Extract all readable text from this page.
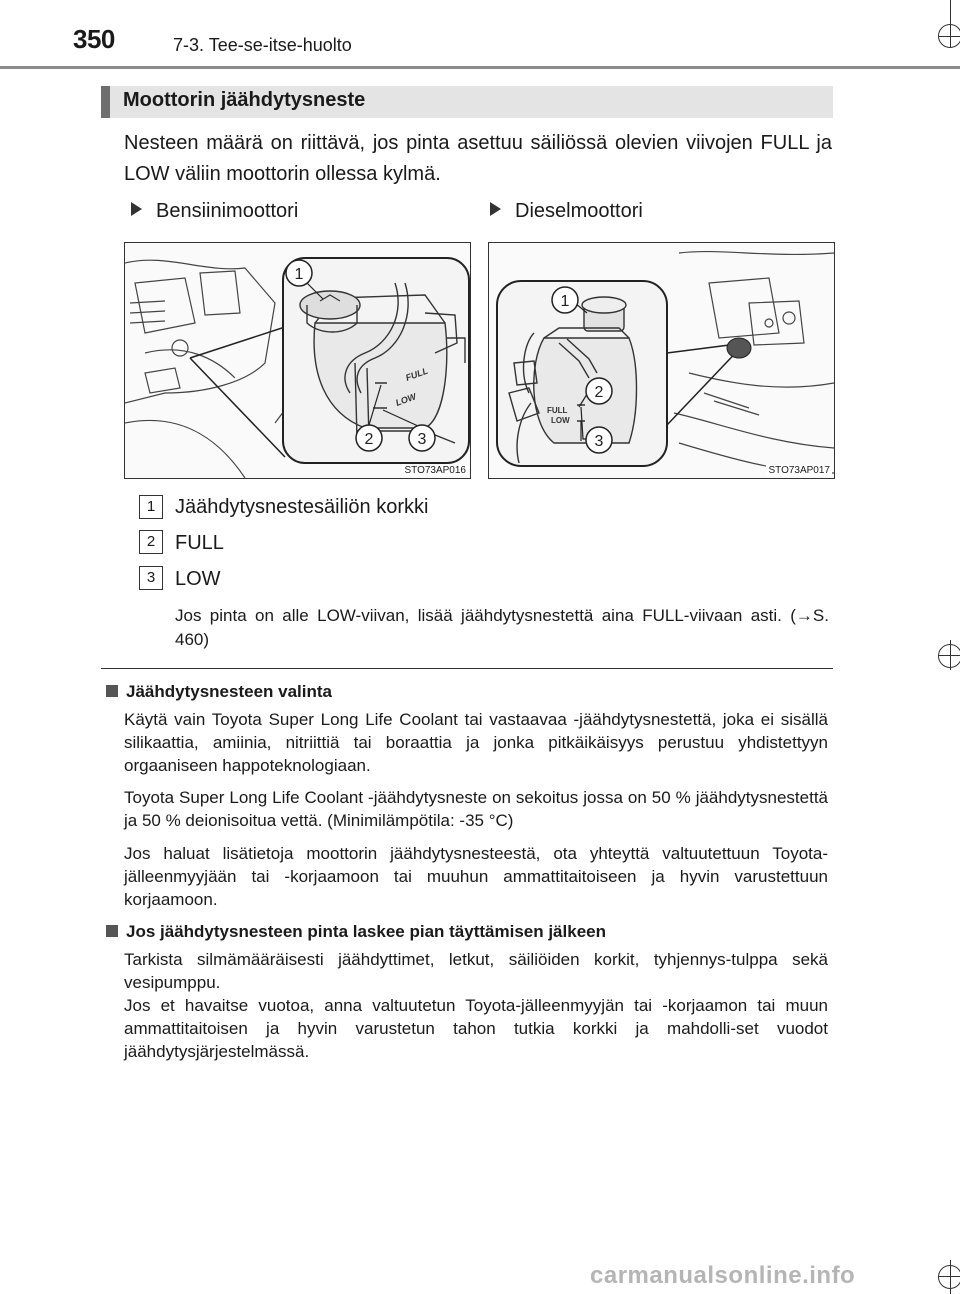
350	7-3. Tee-se-itse-huolto
Moottorin jäähdytysneste
Nesteen määrä on riittävä, jos pinta asettuu säiliössä olevien viivojen FULL ja LOW väliin moottorin ollessa kylmä.
Bensiinimoottori	Dieselmoottori
FULL
LOW
1
2	3
STO73AP016
FULL
LOW
1
2
3
STO73AP017
1 Jäähdytysnestesäiliön korkki
2 FULL
3 LOW
Jos pinta on alle LOW-viivan, lisää jäähdytysnestettä aina FULL-viivaan asti. (→S. 460)
Jäähdytysnesteen valinta
Käytä vain Toyota Super Long Life Coolant tai vastaavaa -jäähdytysnestettä, joka ei sisällä silikaattia, amiinia, nitriittiä tai boraattia ja jonka pitkäikäisyys perustuu yhdistettyyn orgaaniseen happoteknologiaan.
Toyota Super Long Life Coolant -jäähdytysneste on sekoitus jossa on 50 % jäähdytysnestettä ja 50 % deionisoitua vettä. (Minimilämpötila: -35 °C)
Jos haluat lisätietoja moottorin jäähdytysnesteestä, ota yhteyttä valtuutettuun Toyota-jälleenmyyjään tai -korjaamoon tai muuhun ammattitaitoiseen ja hyvin varustettuun korjaamoon.
Jos jäähdytysnesteen pinta laskee pian täyttämisen jälkeen
Tarkista silmämääräisesti jäähdyttimet, letkut, säiliöiden korkit, tyhjennys-tulppa sekä vesipumppu.
Jos et havaitse vuotoa, anna valtuutetun Toyota-jälleenmyyjän tai -korjaamon tai muun ammattitaitoisen ja hyvin varustetun tahon tutkia korkki ja mahdolli-set vuodot jäähdytysjärjestelmässä.
carmanualsonline.info
